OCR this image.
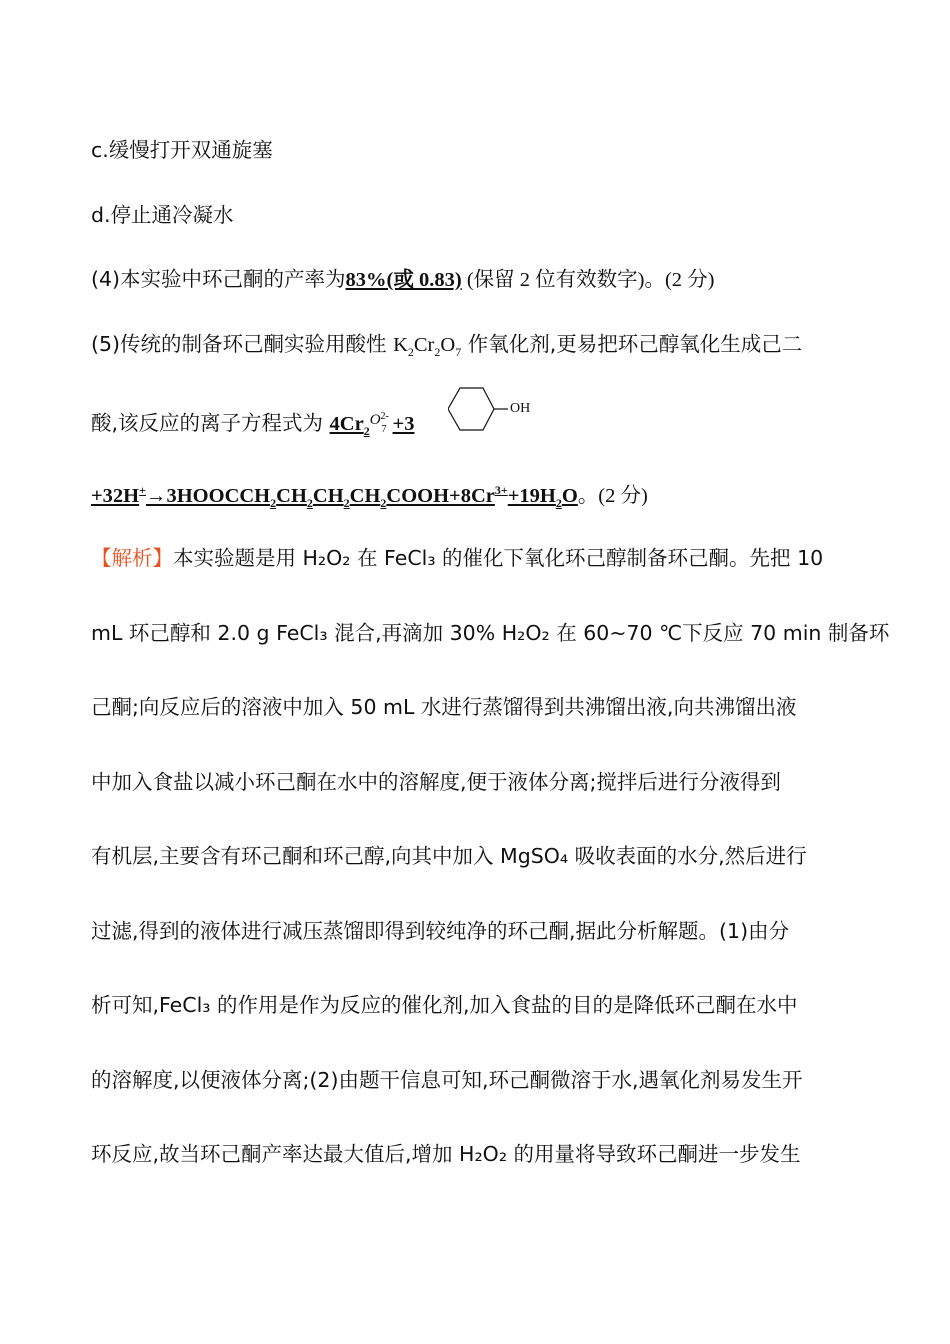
c.缓慢打开双通旋塞
d.停止通冷凝水
(4)本实验中环己酮的产率为83%(或 0.83) (保留 2 位有效数字)。(2 分)
(5)传统的制备环己酮实验用酸性 $K_2Cr_2O_7$ 作氧化剂,更易把环己醇氧化生成己二
酸,该反应的离子方程式为 $4Cr_2^O$ 2-
7 +3
OH
$+32H^+\to 3HOOCCH_2CH_2CH_2CH_2COOH+8Cr^{3+}+19H_2O$。(2 分)
【解析】本实验题是用 H₂O₂ 在 FeCl₃ 的催化下氧化环己醇制备环己酮。先把 10
mL 环己醇和 2.0 g FeCl₃ 混合,再滴加 30% H₂O₂ 在 60~70 ℃下反应 70 min 制备环
己酮;向反应后的溶液中加入 50 mL 水进行蒸馏得到共沸馏出液,向共沸馏出液
中加入食盐以减小环己酮在水中的溶解度,便于液体分离;搅拌后进行分液得到
有机层,主要含有环己酮和环己醇,向其中加入 MgSO₄ 吸收表面的水分,然后进行
过滤,得到的液体进行减压蒸馏即得到较纯净的环己酮,据此分析解题。(1)由分
析可知,FeCl₃ 的作用是作为反应的催化剂,加入食盐的目的是降低环己酮在水中
的溶解度,以便液体分离;(2)由题干信息可知,环己酮微溶于水,遇氧化剂易发生开
环反应,故当环己酮产率达最大值后,增加 H₂O₂ 的用量将导致环己酮进一步发生
